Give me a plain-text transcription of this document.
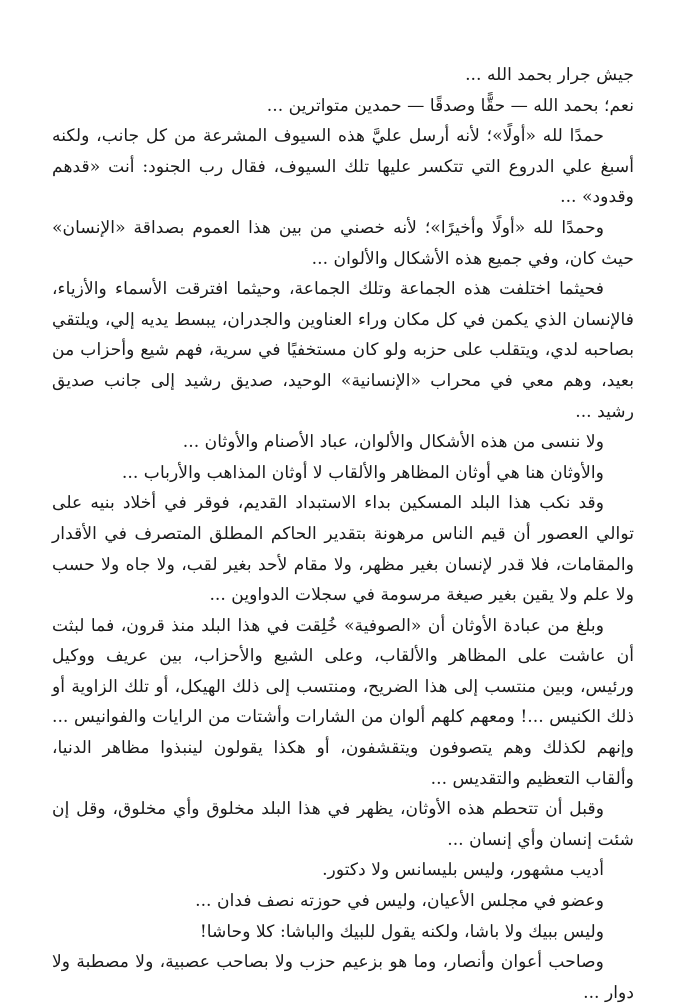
جيش جرار بحمد الله ...

نعم؛ بحمد الله — حقًّا وصدقًا — حمدين متواترين ...

حمدًا لله «أولًا»؛ لأنه أرسل عليَّ هذه السيوف المشرعة من كل جانب، ولكنه أسبغ علي الدروع التي تتكسر عليها تلك السيوف، فقال رب الجنود: أنت «قدهم وقدود» ...

وحمدًا لله «أولًا وأخيرًا»؛ لأنه خصني من بين هذا العموم بصداقة «الإنسان» حيث كان، وفي جميع هذه الأشكال والألوان ...

فحيثما اختلفت هذه الجماعة وتلك الجماعة، وحيثما افترقت الأسماء والأزياء، فالإنسان الذي يكمن في كل مكان وراء العناوين والجدران، يبسط يديه إلي، ويلتقي بصاحبه لدي، ويتقلب على حزبه ولو كان مستخفيًا في سرية، فهم شيع وأحزاب من بعيد، وهم معي في محراب «الإنسانية» الوحيد، صديق رشيد إلى جانب صديق رشيد ...

ولا ننسى من هذه الأشكال والألوان، عباد الأصنام والأوثان ...

والأوثان هنا هي أوثان المظاهر والألقاب لا أوثان المذاهب والأرباب ...

وقد نكب هذا البلد المسكين بداء الاستبداد القديم، فوقر في أخلاد بنيه على توالي العصور أن قيم الناس مرهونة بتقدير الحاكم المطلق المتصرف في الأقدار والمقامات، فلا قدر لإنسان بغير مظهر، ولا مقام لأحد بغير لقب، ولا جاه ولا حسب ولا علم ولا يقين بغير صيغة مرسومة في سجلات الدواوين ...

وبلغ من عبادة الأوثان أن «الصوفية» خُلِقت في هذا البلد منذ قرون، فما لبثت أن عاشت على المظاهر والألقاب، وعلى الشيع والأحزاب، بين عريف ووكيل ورئيس، وبين منتسب إلى هذا الضريح، ومنتسب إلى ذلك الهيكل، أو تلك الزاوية أو ذلك الكنيس ...! ومعهم كلهم ألوان من الشارات وأشتات من الرايات والفوانيس ... وإنهم لكذلك وهم يتصوفون ويتقشفون، أو هكذا يقولون لينبذوا مظاهر الدنيا، وألقاب التعظيم والتقديس ...

وقبل أن تتحطم هذه الأوثان، يظهر في هذا البلد مخلوق وأي مخلوق، وقل إن شئت إنسان وأي إنسان ...

أديب مشهور، وليس بليسانس ولا دكتور.

وعضو في مجلس الأعيان، وليس في حوزته نصف فدان ...

وليس ببيك ولا باشا، ولكنه يقول للبيك والباشا: كلا وحاشا!

وصاحب أعوان وأنصار، وما هو بزعيم حزب ولا بصاحب عصبية، ولا مصطبة ولا دوار ...
